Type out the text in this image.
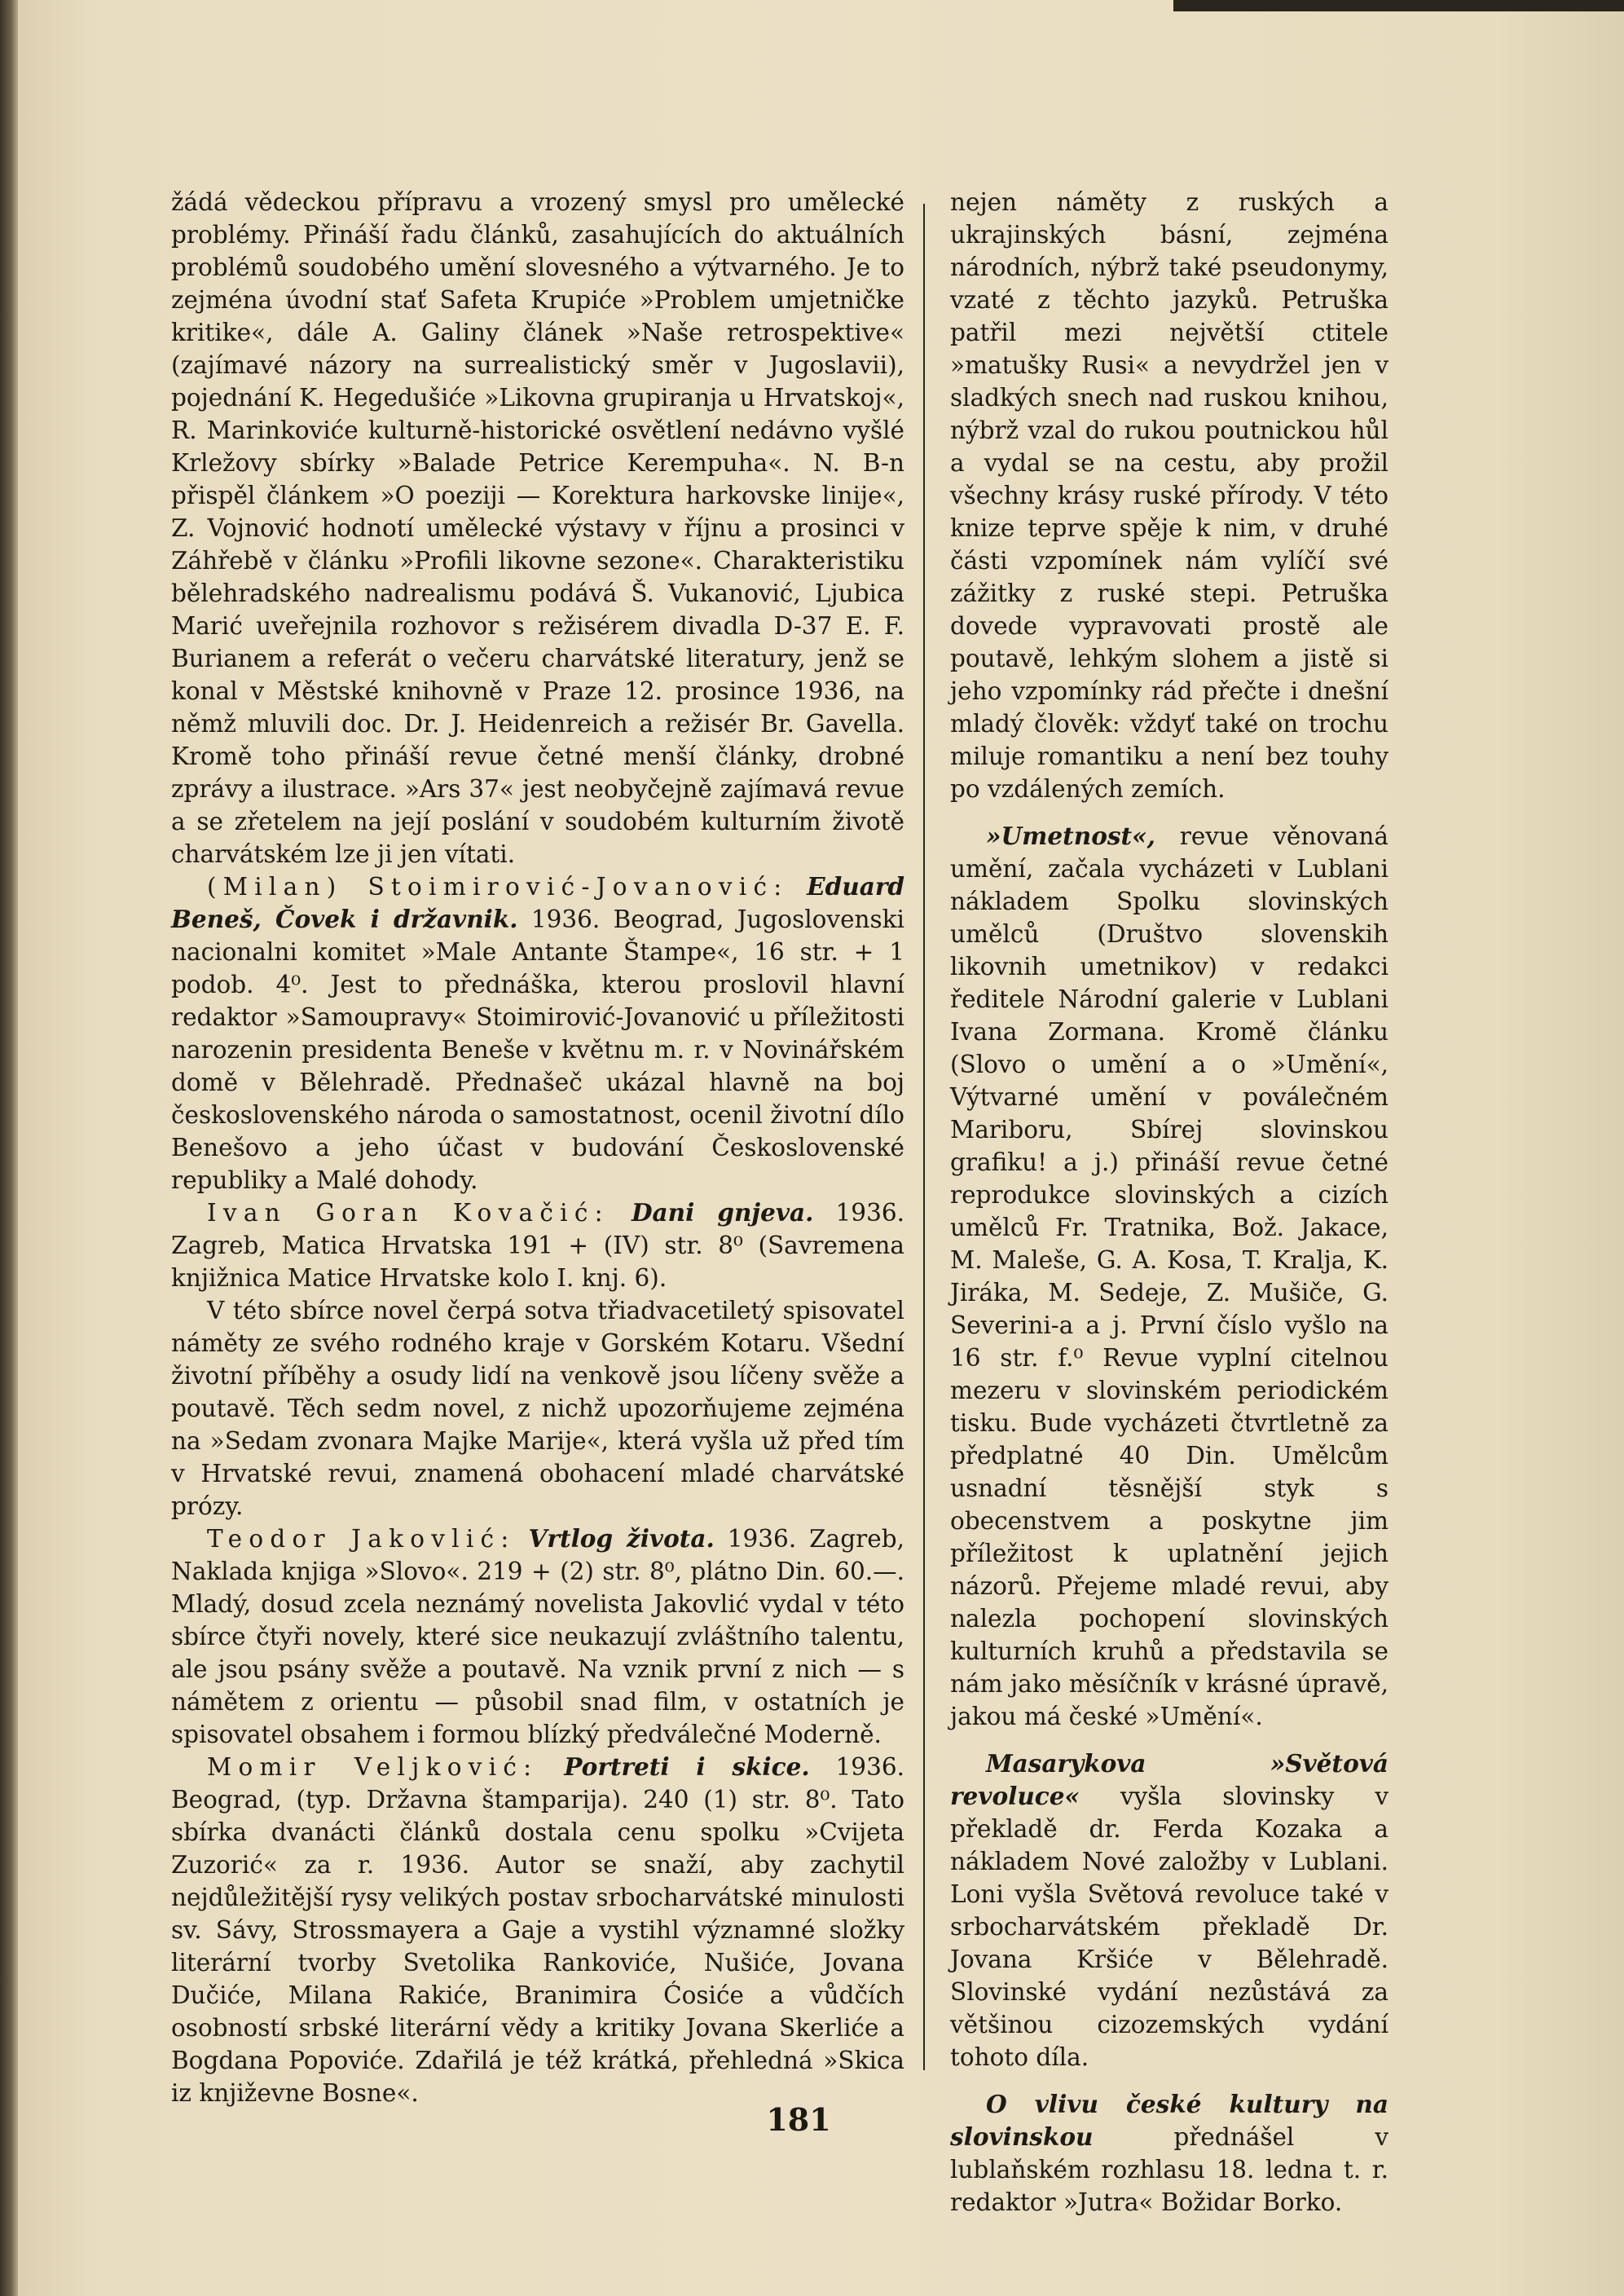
žádá vědeckou přípravu a vrozený smysl pro umělecké problémy. Přináší řadu článků, zasahujících do aktuálních problémů soudobého umění slovesného a výtvarného. Je to zejména úvodní stať Safeta Krupiće »Problem umjetničke kritike«, dále A. Galiny článek »Naše retrospektive« (zajímavé názory na surrealistický směr v Jugoslavii), pojednání K. Hegedušiće »Likovna grupiranja u Hrvatskoj«, R. Marinkoviće kulturně-historické osvětlení nedávno vyšlé Krležovy sbírky »Balade Petrice Kerempuha«. N. B-n přispěl článkem »O poeziji — Korektura harkovske linije«, Z. Vojnović hodnotí umělecké výstavy v říjnu a prosinci v Záhřebě v článku »Profili likovne sezone«. Charakteristiku bělehradského nadrealismu podává Š. Vukanović, Ljubica Marić uveřejnila rozhovor s režisérem divadla D-37 E. F. Burianem a referát o večeru charvátské literatury, jenž se konal v Městské knihovně v Praze 12. prosince 1936, na němž mluvili doc. Dr. J. Heidenreich a režisér Br. Gavella. Kromě toho přináší revue četné menší články, drobné zprávy a ilustrace. »Ars 37« jest neobyčejně zajímavá revue a se zřetelem na její poslání v soudobém kulturním životě charvátském lze ji jen vítati.

(Milan) Stoimirović-Jovanović: Eduard Beneš, Čovek i državnik. 1936. Beograd, Jugoslovenski nacionalni komitet »Male Antante Štampe«, 16 str. + 1 podob. 4⁰. Jest to přednáška, kterou proslovil hlavní redaktor »Samoupravy« Stoimirović-Jovanović u příležitosti narozenin presidenta Beneše v květnu m. r. v Novinářském domě v Bělehradě. Přednašeč ukázal hlavně na boj československého národa o samostatnost, ocenil životní dílo Benešovo a jeho účast v budování Československé republiky a Malé dohody.

Ivan Goran Kovačić: Dani gnjeva. 1936. Zagreb, Matica Hrvatska 191 + (IV) str. 8⁰ (Savremena knjižnica Matice Hrvatske kolo I. knj. 6).

V této sbírce novel čerpá sotva třiadvacetiletý spisovatel náměty ze svého rodného kraje v Gorském Kotaru. Všední životní příběhy a osudy lidí na venkově jsou líčeny svěže a poutavě. Těch sedm novel, z nichž upozorňujeme zejména na »Sedam zvonara Majke Marije«, která vyšla už před tím v Hrvatské revui, znamená obohacení mladé charvátské prózy.

Teodor Jakovlić: Vrtlog života. 1936. Zagreb, Naklada knjiga »Slovo«. 219 + (2) str. 8⁰, plátno Din. 60.—. Mladý, dosud zcela neznámý novelista Jakovlić vydal v této sbírce čtyři novely, které sice neukazují zvláštního talentu, ale jsou psány svěže a poutavě. Na vznik první z nich — s námětem z orientu — působil snad film, v ostatních je spisovatel obsahem i formou blízký předválečné Moderně.

Momir Veljković: Portreti i skice. 1936. Beograd, (typ. Državna štamparija). 240 (1) str. 8⁰. Tato sbírka dvanácti článků dostala cenu spolku »Cvijeta Zuzorić« za r. 1936. Autor se snaží, aby zachytil nejdůležitější rysy velikých postav srbocharvátské minulosti sv. Sávy, Strossmayera a Gaje a vystihl významné složky literární tvorby Svetolika Rankoviće, Nušiće, Jovana Dučiće, Milana Rakiće, Branimira Ćosiće a vůdčích osobností srbské literární vědy a kritiky Jovana Skerliće a Bogdana Popoviće. Zdařilá je též krátká, přehledná »Skica iz književne Bosne«.

nejen náměty z ruských a ukrajinských básní, zejména národních, nýbrž také pseudonymy, vzaté z těchto jazyků. Petruška patřil mezi největší ctitele »matušky Rusi« a nevydržel jen v sladkých snech nad ruskou knihou, nýbrž vzal do rukou poutnickou hůl a vydal se na cestu, aby prožil všechny krásy ruské přírody. V této knize teprve spěje k nim, v druhé části vzpomínek nám vylíčí své zážitky z ruské stepi. Petruška dovede vypravovati prostě ale poutavě, lehkým slohem a jistě si jeho vzpomínky rád přečte i dnešní mladý člověk: vždyť také on trochu miluje romantiku a není bez touhy po vzdálených zemích.

»Umetnost«, revue věnovaná umění, začala vycházeti v Lublani nákladem Spolku slovinských umělců (Društvo slovenskih likovnih umetnikov) v redakci ředitele Národní galerie v Lublani Ivana Zormana. Kromě článku (Slovo o umění a o »Umění«, Výtvarné umění v poválečném Mariboru, Sbírej slovinskou grafiku! a j.) přináší revue četné reprodukce slovinských a cizích umělců Fr. Tratnika, Bož. Jakace, M. Maleše, G. A. Kosa, T. Kralja, K. Jiráka, M. Sedeje, Z. Mušiče, G. Severini-a a j. První číslo vyšlo na 16 str. f.⁰ Revue vyplní citelnou mezeru v slovinském periodickém tisku. Bude vycházeti čtvrtletně za předplatné 40 Din. Umělcům usnadní těsnější styk s obecenstvem a poskytne jim příležitost k uplatnění jejich názorů. Přejeme mladé revui, aby nalezla pochopení slovinských kulturních kruhů a představila se nám jako měsíčník v krásné úpravě, jakou má české »Umění«.

Masarykova »Světová revoluce« vyšla slovinsky v překladě dr. Ferda Kozaka a nákladem Nové založby v Lublani. Loni vyšla Světová revoluce také v srbocharvátském překladě Dr. Jovana Kršiće v Bělehradě. Slovinské vydání nezůstává za většinou cizozemských vydání tohoto díla.

O vlivu české kultury na slovinskou	přednášel v lublaňském rozhlasu 18. ledna t. r. redaktor »Jutra« Božidar Borko.

181
